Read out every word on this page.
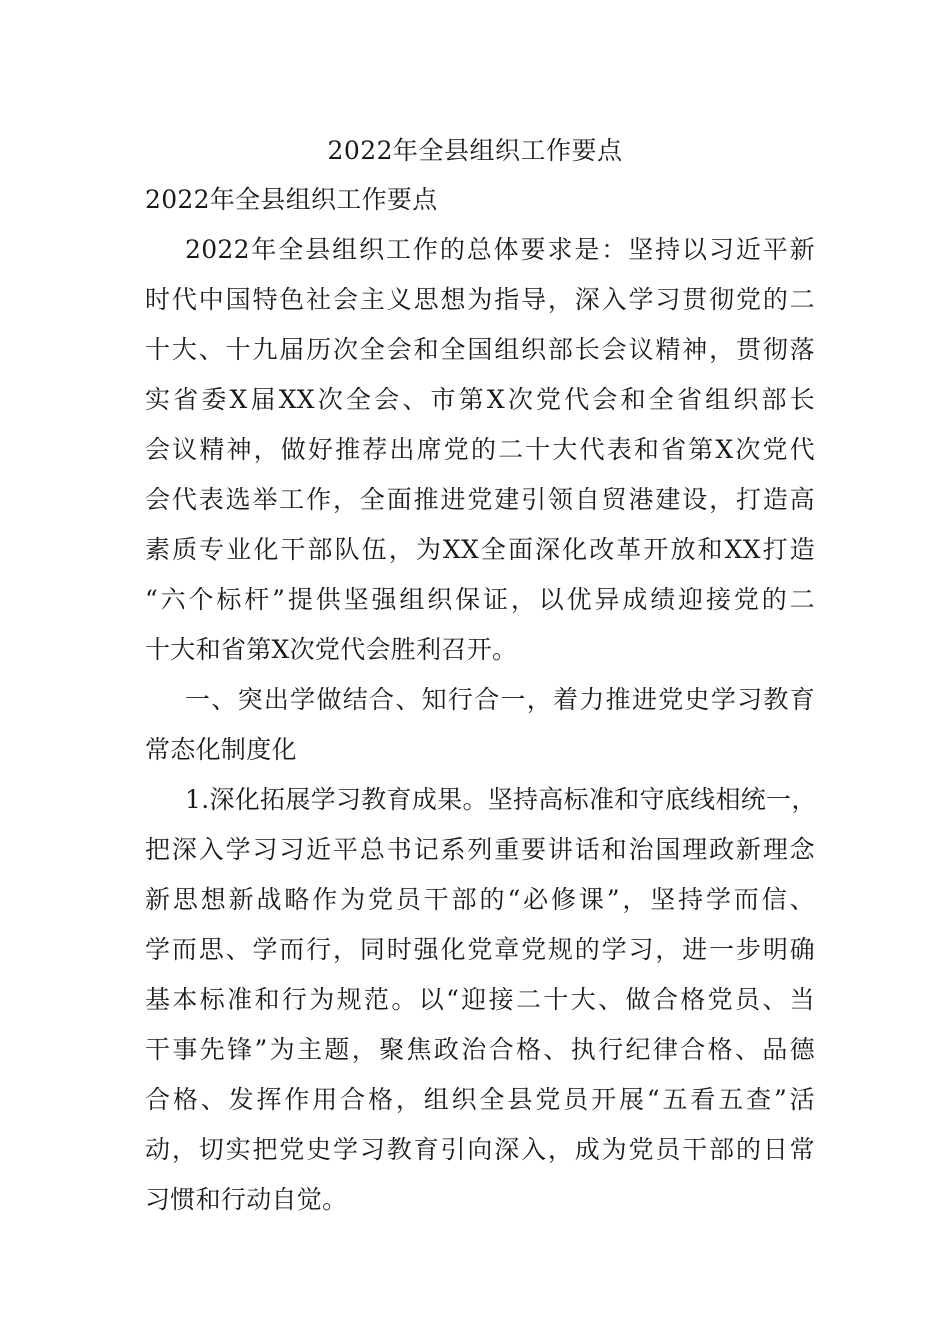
2022年全县组织工作要点
2022年全县组织工作要点
2022年全县组织工作的总体要求是：坚持以习近平新
时代中国特色社会主义思想为指导，深入学习贯彻党的二
十大、十九届历次全会和全国组织部长会议精神，贯彻落
实省委X届XX次全会、市第X次党代会和全省组织部长
会议精神，做好推荐出席党的二十大代表和省第X次党代
会代表选举工作，全面推进党建引领自贸港建设，打造高
素质专业化干部队伍，为XX全面深化改革开放和XX打造
“六个标杆”提供坚强组织保证，以优异成绩迎接党的二
十大和省第X次党代会胜利召开。
一、突出学做结合、知行合一，着力推进党史学习教育
常态化制度化
1.深化拓展学习教育成果。坚持高标准和守底线相统一，
把深入学习习近平总书记系列重要讲话和治国理政新理念
新思想新战略作为党员干部的“必修课”，坚持学而信、
学而思、学而行，同时强化党章党规的学习，进一步明确
基本标准和行为规范。以“迎接二十大、做合格党员、当
干事先锋”为主题，聚焦政治合格、执行纪律合格、品德
合格、发挥作用合格，组织全县党员开展“五看五查”活
动，切实把党史学习教育引向深入，成为党员干部的日常
习惯和行动自觉。
